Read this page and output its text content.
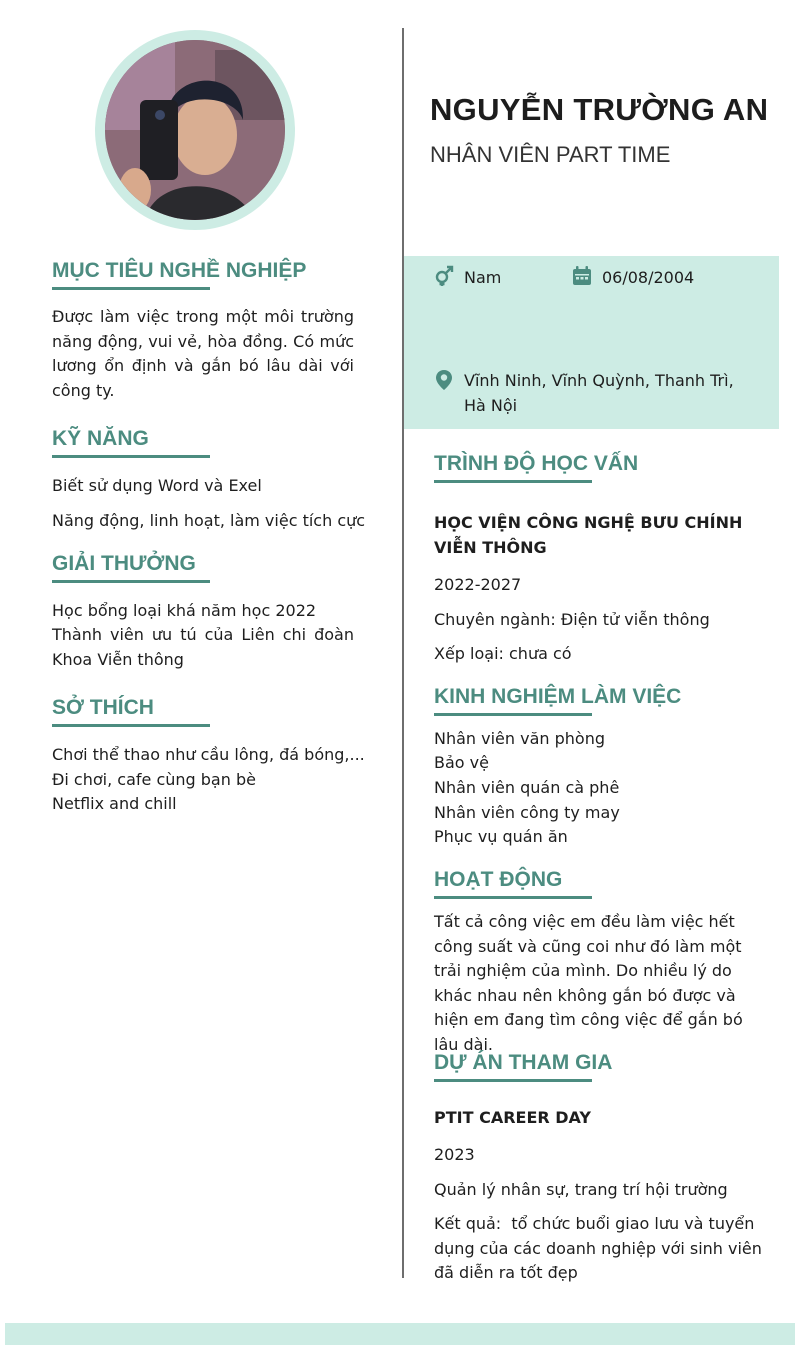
NGUYỄN TRƯỜNG AN
NHÂN VIÊN PART TIME
Nam	06/08/2004
Vĩnh Ninh, Vĩnh Quỳnh, Thanh Trì, Hà Nội
MỤC TIÊU NGHỀ NGHIỆP
Được làm việc trong một môi trường năng động, vui vẻ, hòa đồng. Có mức lương ổn định và gắn bó lâu dài với công ty.
KỸ NĂNG
Biết sử dụng Word và Exel
Năng động, linh hoạt, làm việc tích cực
GIẢI THƯỞNG
Học bổng loại khá năm học 2022
Thành viên ưu tú của Liên chi đoàn Khoa Viễn thông
SỞ THÍCH
Chơi thể thao như cầu lông, đá bóng,...
Đi chơi, cafe cùng bạn bè
Netflix and chill
TRÌNH ĐỘ HỌC VẤN
HỌC VIỆN CÔNG NGHỆ BƯU CHÍNH VIỄN THÔNG
2022-2027
Chuyên ngành: Điện tử viễn thông
Xếp loại: chưa có
KINH NGHIỆM LÀM VIỆC
Nhân viên văn phòng
Bảo vệ
Nhân viên quán cà phê
Nhân viên công ty may
Phục vụ quán ăn
HOẠT ĐỘNG
Tất cả công việc em đều làm việc hết công suất và cũng coi như đó làm một trải nghiệm của mình. Do nhiều lý do khác nhau nên không gắn bó được và hiện em đang tìm công việc để gắn bó lâu dài.
DỰ ÁN THAM GIA
PTIT CAREER DAY
2023
Quản lý nhân sự, trang trí hội trường
Kết quả:  tổ chức buổi giao lưu và tuyển dụng của các doanh nghiệp với sinh viên đã diễn ra tốt đẹp
